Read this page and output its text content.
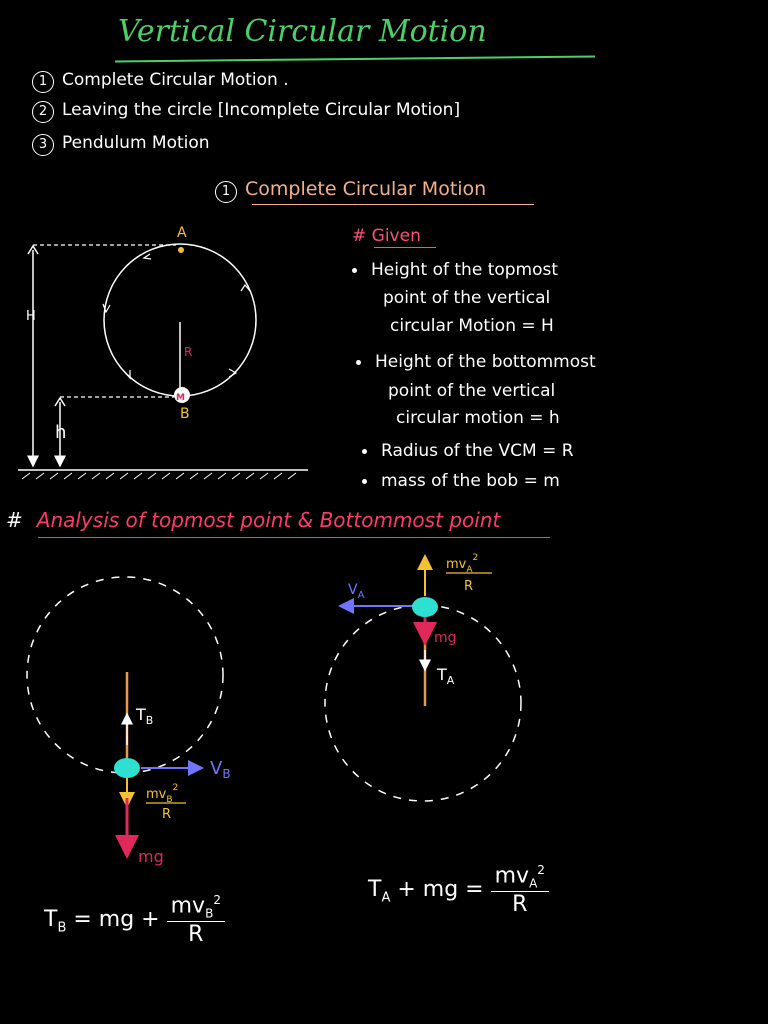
Vertical Circular Motion
1 Complete Circular Motion .
2 Leaving the circle [Incomplete Circular Motion]
3 Pendulum Motion
1 Complete Circular Motion
# Given
Height of the topmost
point of the vertical
circular Motion = H
Height of the bottommost
point of the vertical
circular motion = h
Radius of the VCM = R
mass of the bob = m
# Analysis of topmost point & Bottommost point
M
A
B
R
H
h
$T_B$
$V_B$
$mv_B^2$
R
mg
$mv_A^2$
R
$V_A$
mg
$T_A$
$T_B$ = mg + $\frac{mv_B^2}{R}$
$T_A$ + mg = $\frac{mv_A^2}{R}$
